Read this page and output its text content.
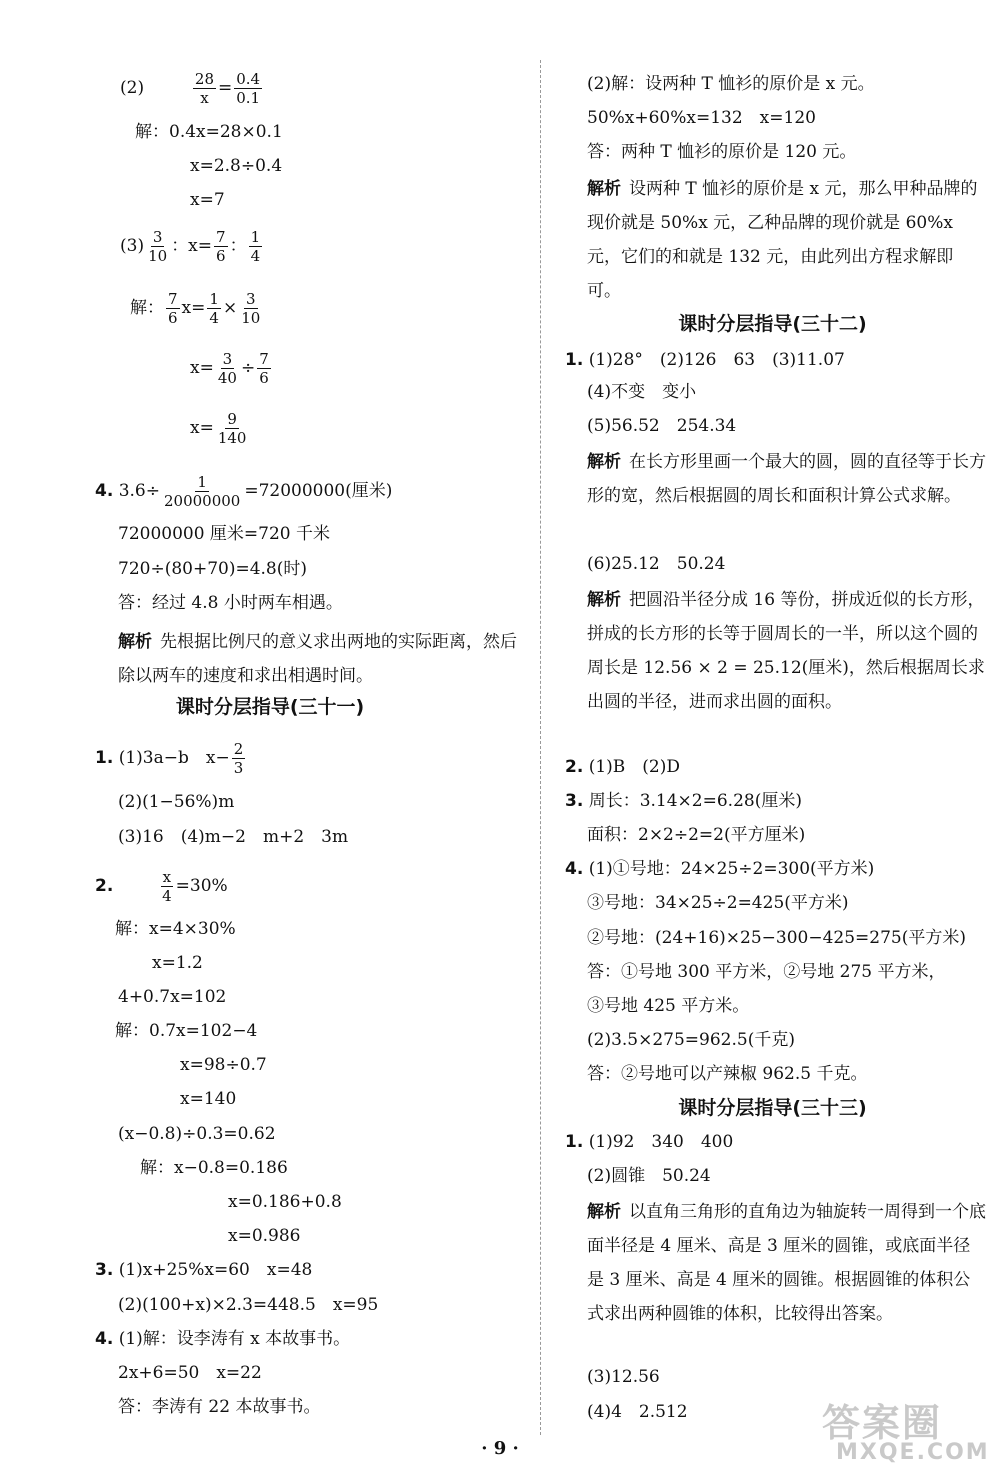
(2)	$\frac{28}{x} = \frac{0.4}{0.1}$
解：0.4x=28×0.1
x=2.8÷0.4
x=7
$(3) \frac{3}{10}$ ：$x= \frac{7}{6}$ ： $\frac{1}{4}$
解： $\frac{7}{6} x= \frac{1}{4} \times \frac{3}{10}$
$x= \frac{3}{40} \div \frac{7}{6}$
$x= \frac{9}{140}$
4. $3.6\div \frac{1}{20000000} =72000000$(厘米)
72000000 厘米=720 千米
720÷(80+70)=4.8(时)
答：经过 4.8 小时两车相遇。
解析 先根据比例尺的意义求出两地的实际距离，然后除以两车的速度和求出相遇时间。
课时分层指导(三十一)
1. (1)3a−b　$x- \frac{2}{3}$
(2)(1−56%)m
(3)16　(4)m−2　m+2　3m
2.	$\frac{x}{4} =30\%$
解：x=4×30%
x=1.2
4+0.7x=102
解：0.7x=102−4
x=98÷0.7
x=140
(x−0.8)÷0.3=0.62
解：x−0.8=0.186
x=0.186+0.8
x=0.986
3. (1)x+25%x=60　x=48
(2)(100+x)×2.3=448.5　x=95
4. (1)解：设李涛有 x 本故事书。
2x+6=50　x=22
答：李涛有 22 本故事书。
(2)解：设两种 T 恤衫的原价是 x 元。
50%x+60%x=132　x=120
答：两种 T 恤衫的原价是 120 元。
解析 设两种 T 恤衫的原价是 x 元，那么甲种品牌的现价就是 50%x 元，乙种品牌的现价就是 60%x 元，它们的和就是 132 元，由此列出方程求解即可。
课时分层指导(三十二)
1. (1)28°　(2)126　63　(3)11.07
(4)不变　变小
(5)56.52　254.34
解析 在长方形里画一个最大的圆，圆的直径等于长方形的宽，然后根据圆的周长和面积计算公式求解。
(6)25.12　50.24
解析 把圆沿半径分成 16 等份，拼成近似的长方形，拼成的长方形的长等于圆周长的一半，所以这个圆的周长是 12.56 × 2 = 25.12(厘米)，然后根据周长求出圆的半径，进而求出圆的面积。
2. (1)B　(2)D
3. 周长：3.14×2=6.28(厘米)
面积：2×2÷2=2(平方厘米)
4. (1)①号地：24×25÷2=300(平方米)
③号地：34×25÷2=425(平方米)
②号地：(24+16)×25−300−425=275(平方米)
答：①号地 300 平方米，②号地 275 平方米，
③号地 425 平方米。
(2)3.5×275=962.5(千克)
答：②号地可以产辣椒 962.5 千克。
课时分层指导(三十三)
1. (1)92　340　400
(2)圆锥　50.24
解析 以直角三角形的直角边为轴旋转一周得到一个底面半径是 4 厘米、高是 3 厘米的圆锥，或底面半径是 3 厘米、高是 4 厘米的圆锥。根据圆锥的体积公式求出两种圆锥的体积，比较得出答案。
(3)12.56
(4)4　2.512
· 9 ·
答案圈
MXQE.COM
